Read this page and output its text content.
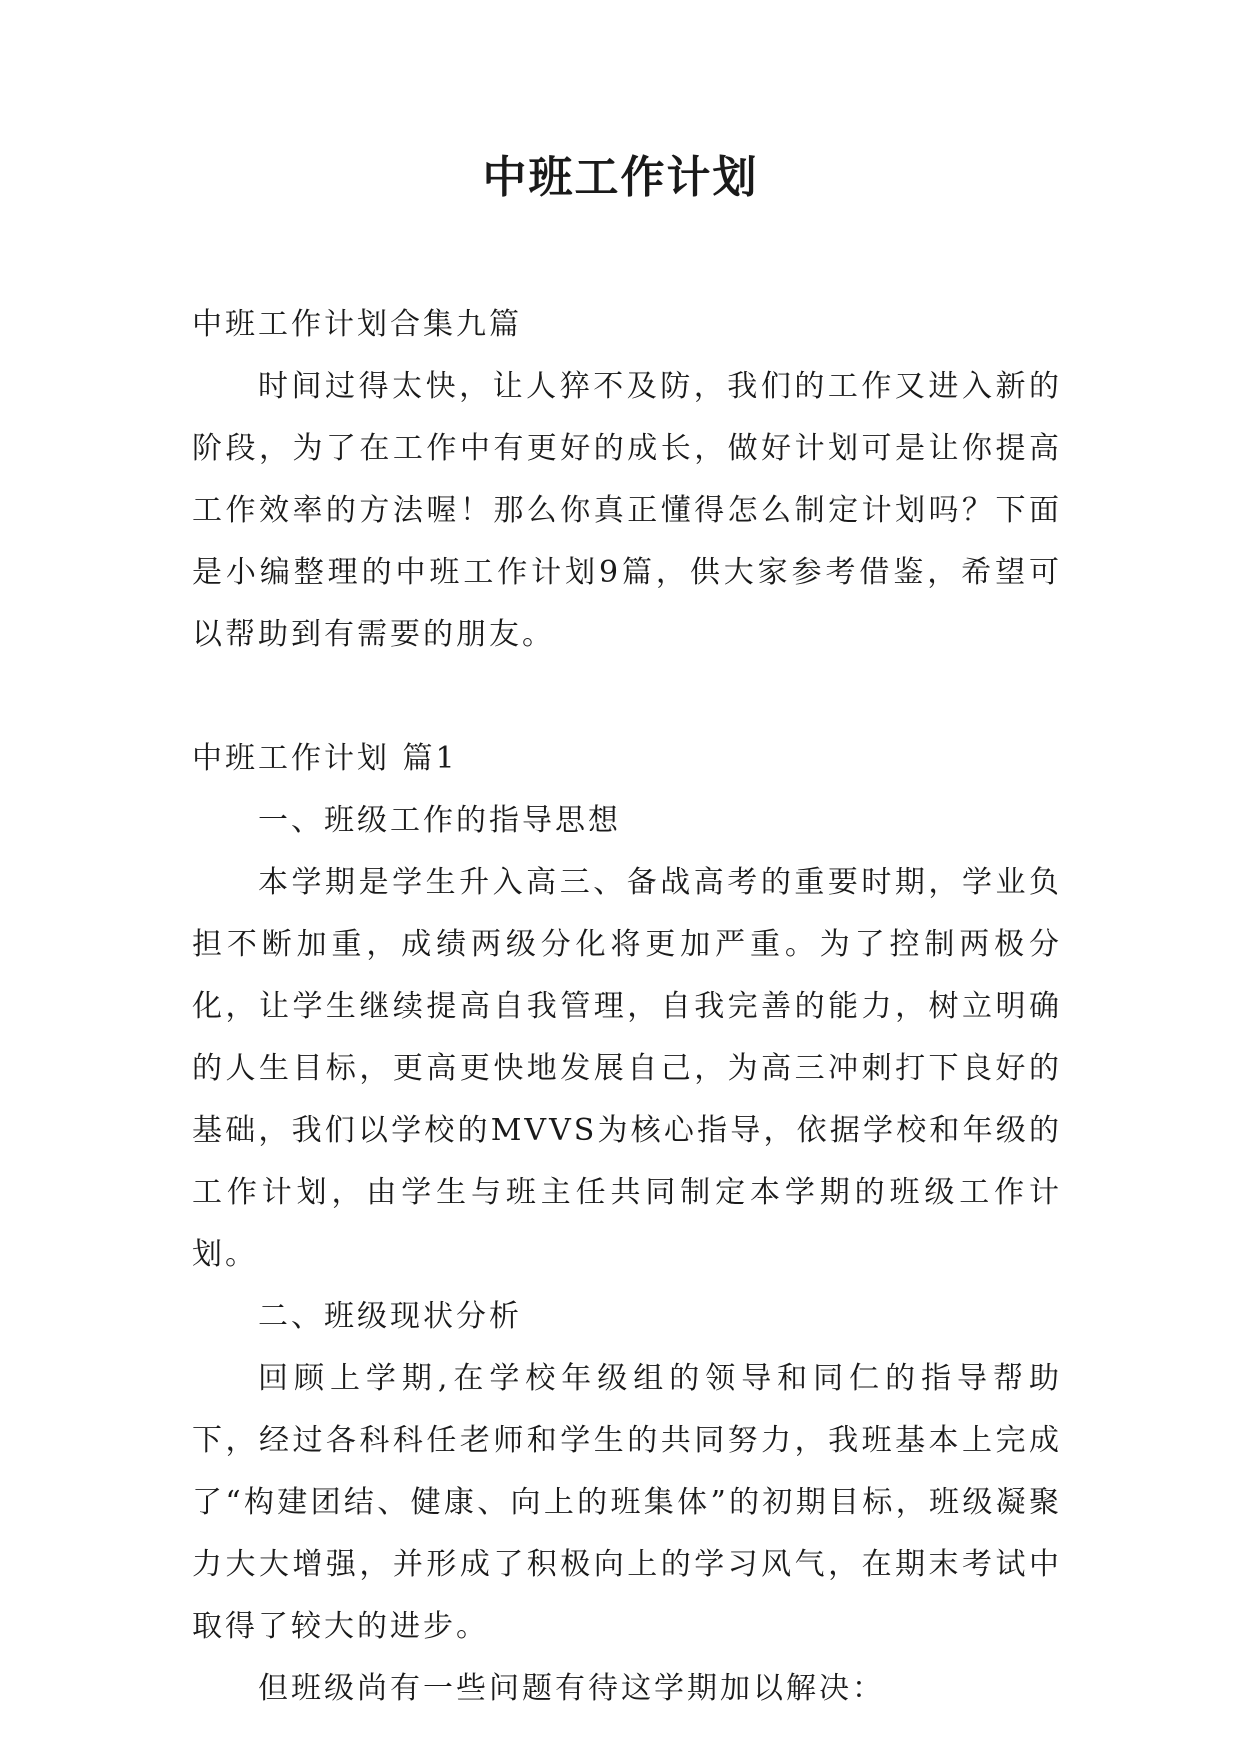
中班工作计划

中班工作计划合集九篇

时间过得太快，让人猝不及防，我们的工作又进入新的阶段，为了在工作中有更好的成长，做好计划可是让你提高工作效率的方法喔！那么你真正懂得怎么制定计划吗？下面是小编整理的中班工作计划9篇，供大家参考借鉴，希望可以帮助到有需要的朋友。

中班工作计划 篇1

一、班级工作的指导思想

本学期是学生升入高三、备战高考的重要时期，学业负担不断加重，成绩两级分化将更加严重。为了控制两极分化，让学生继续提高自我管理，自我完善的能力，树立明确的人生目标，更高更快地发展自己，为高三冲刺打下良好的基础，我们以学校的MVVS为核心指导，依据学校和年级的工作计划，由学生与班主任共同制定本学期的班级工作计划。

二、班级现状分析

回顾上学期,在学校年级组的领导和同仁的指导帮助下，经过各科科任老师和学生的共同努力，我班基本上完成了“构建团结、健康、向上的班集体”的初期目标，班级凝聚力大大增强，并形成了积极向上的学习风气，在期末考试中取得了较大的进步。

但班级尚有一些问题有待这学期加以解决：
